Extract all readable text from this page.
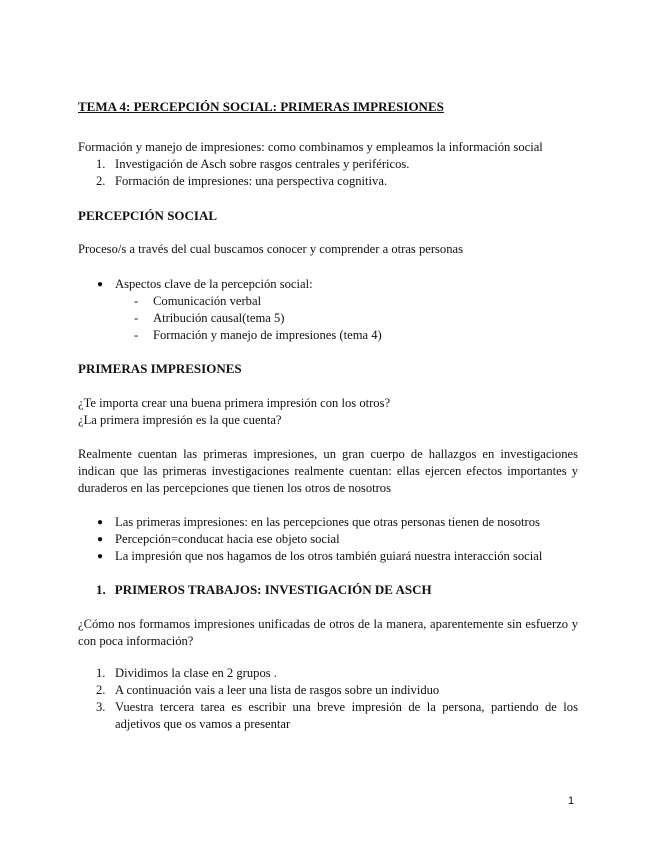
TEMA 4: PERCEPCIÓN SOCIAL: PRIMERAS IMPRESIONES
Formación y manejo de impresiones: como combinamos y empleamos la información social
1. Investigación de Asch sobre rasgos centrales y periféricos.
2. Formación de impresiones: una perspectiva cognitiva.
PERCEPCIÓN SOCIAL
Proceso/s a través del cual buscamos conocer y comprender a otras personas
● Aspectos clave de la percepción social:
- Comunicación verbal
- Atribución causal(tema 5)
- Formación y manejo de impresiones (tema 4)
PRIMERAS IMPRESIONES
¿Te importa crear una buena primera impresión con los otros?
¿La primera impresión es la que cuenta?
Realmente cuentan las primeras impresiones, un gran cuerpo de hallazgos en investigaciones indican que las primeras investigaciones realmente cuentan: ellas ejercen efectos importantes y duraderos en las percepciones que tienen los otros de nosotros
● Las primeras impresiones: en las percepciones que otras personas tienen de nosotros
● Percepción=conducat hacia ese objeto social
● La impresión que nos hagamos de los otros también guiará nuestra interacción social
1. PRIMEROS TRABAJOS: INVESTIGACIÓN DE ASCH
¿Cómo nos formamos impresiones unificadas de otros de la manera, aparentemente sin esfuerzo y con poca información?
1. Dividimos la clase en 2 grupos .
2. A continuación vais a leer una lista de rasgos sobre un individuo
3. Vuestra tercera tarea es escribir una breve impresión de la persona, partiendo de los adjetivos que os vamos a presentar
1
